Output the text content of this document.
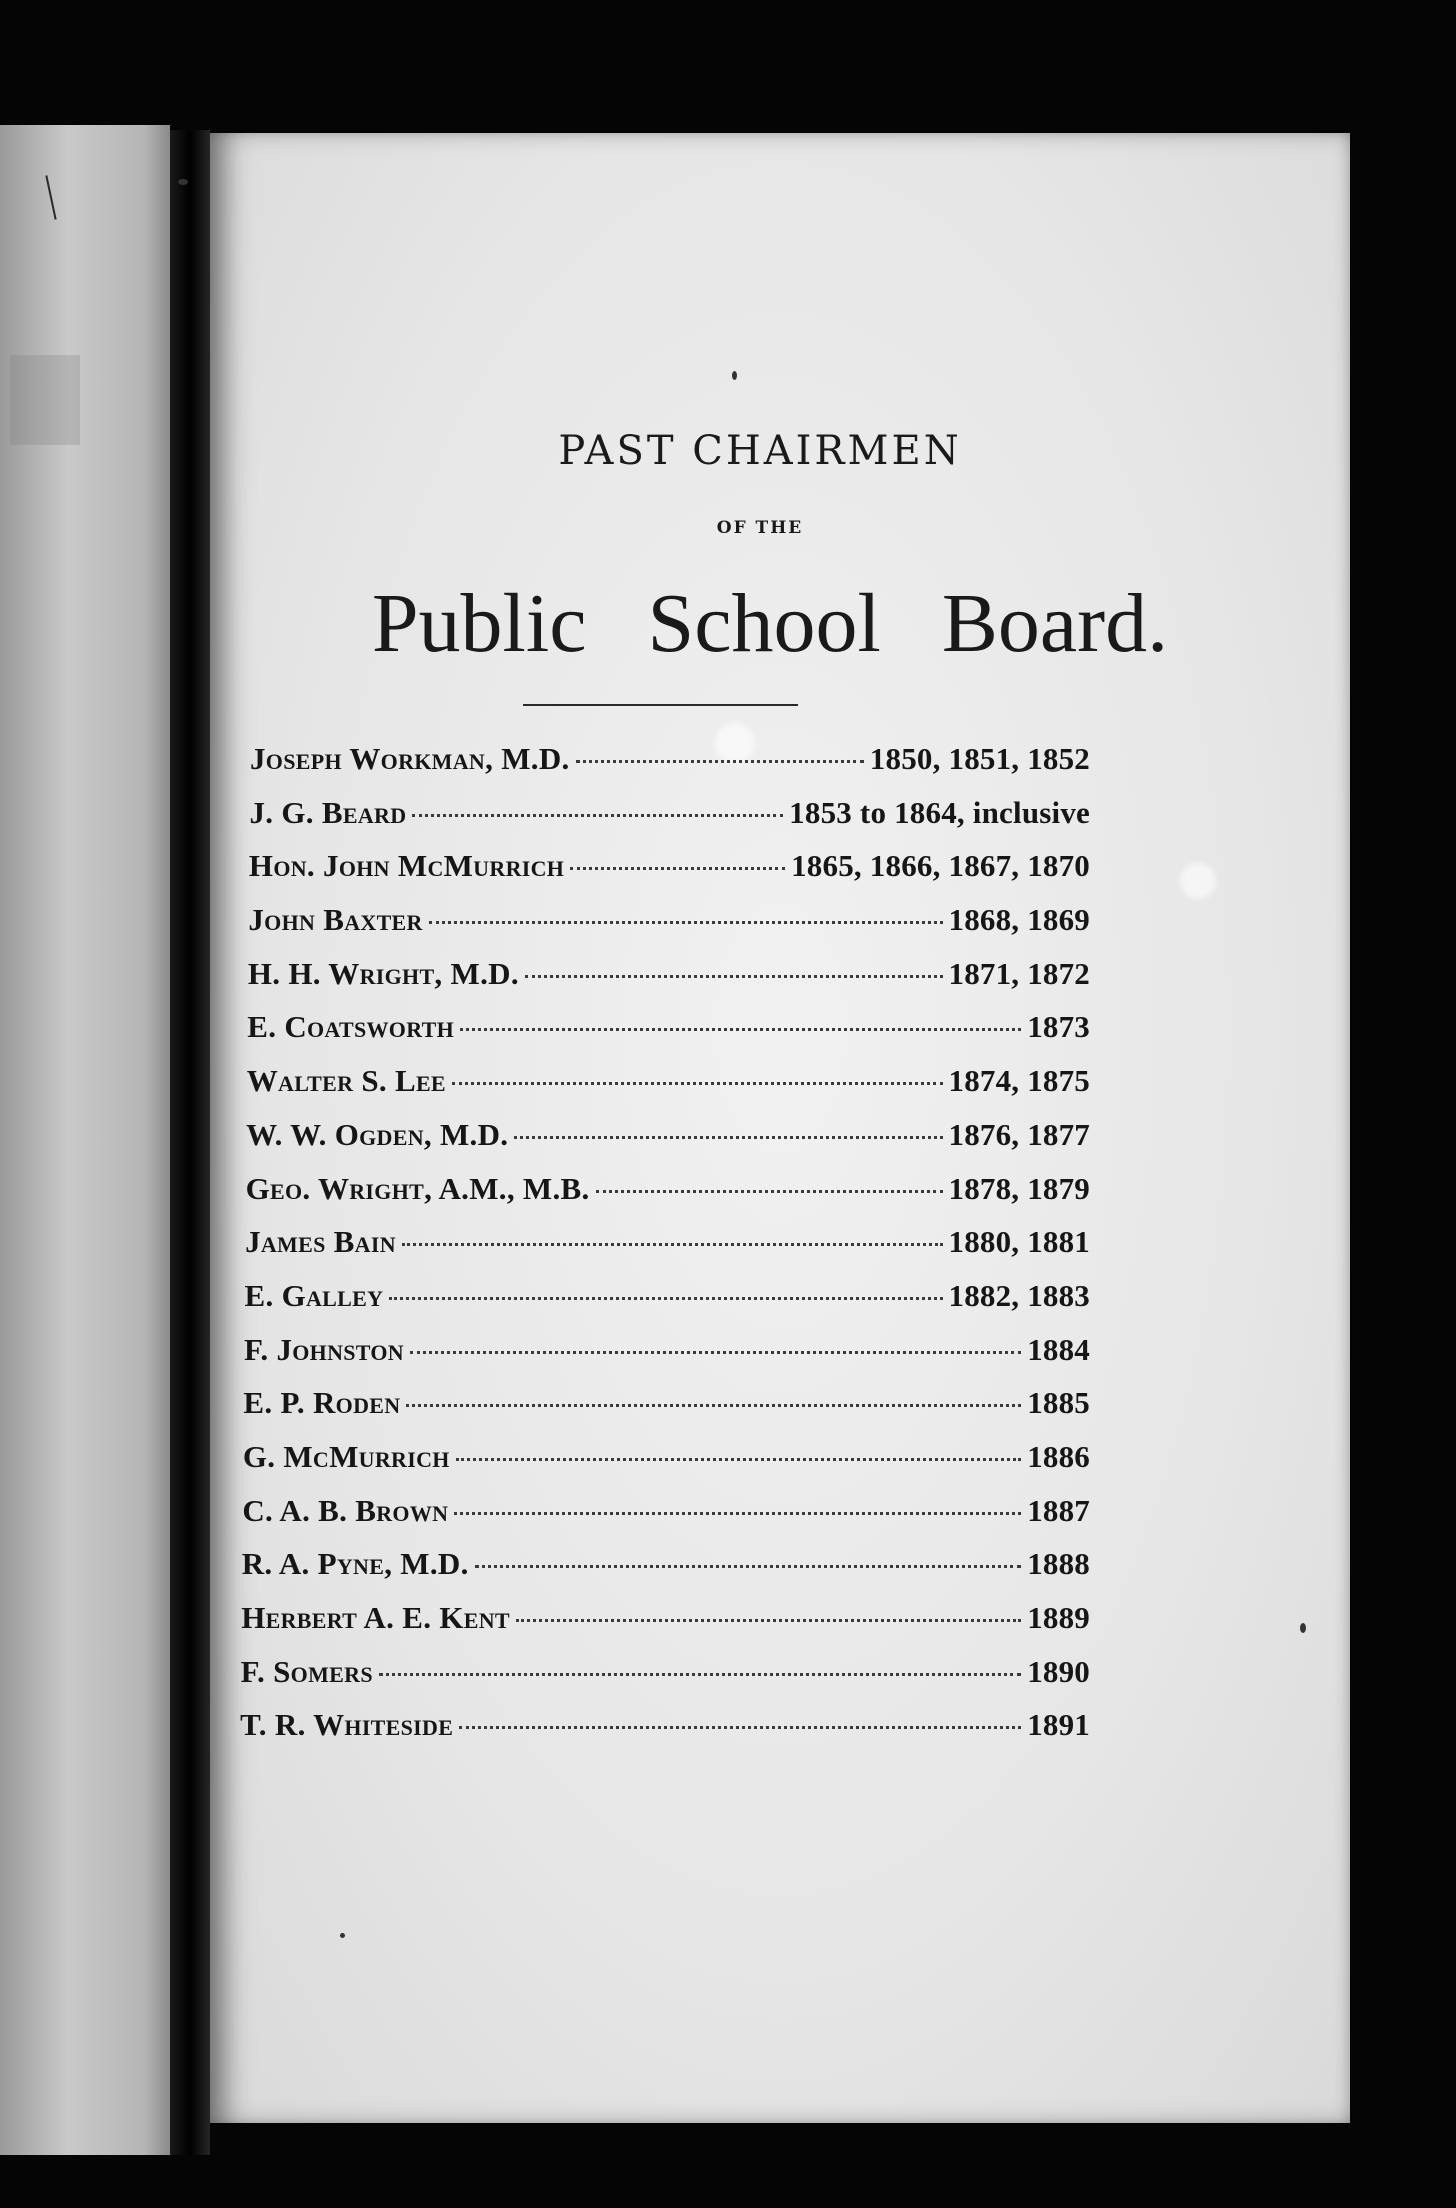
PAST CHAIRMEN
OF THE
Public School Board.
Joseph Workman, M.D.	1850, 1851, 1852
J. G. Beard	1853 to 1864, inclusive
Hon. John McMurrich	1865, 1866, 1867, 1870
John Baxter	1868, 1869
H. H. Wright, M.D.	1871, 1872
E. Coatsworth	1873
Walter S. Lee	1874, 1875
W. W. Ogden, M.D.	1876, 1877
Geo. Wright, A.M., M.B.	1878, 1879
James Bain	1880, 1881
E. Galley	1882, 1883
F. Johnston	1884
E. P. Roden	1885
G. McMurrich	1886
C. A. B. Brown	1887
R. A. Pyne, M.D.	1888
Herbert A. E. Kent	1889
F. Somers	1890
T. R. Whiteside	1891
